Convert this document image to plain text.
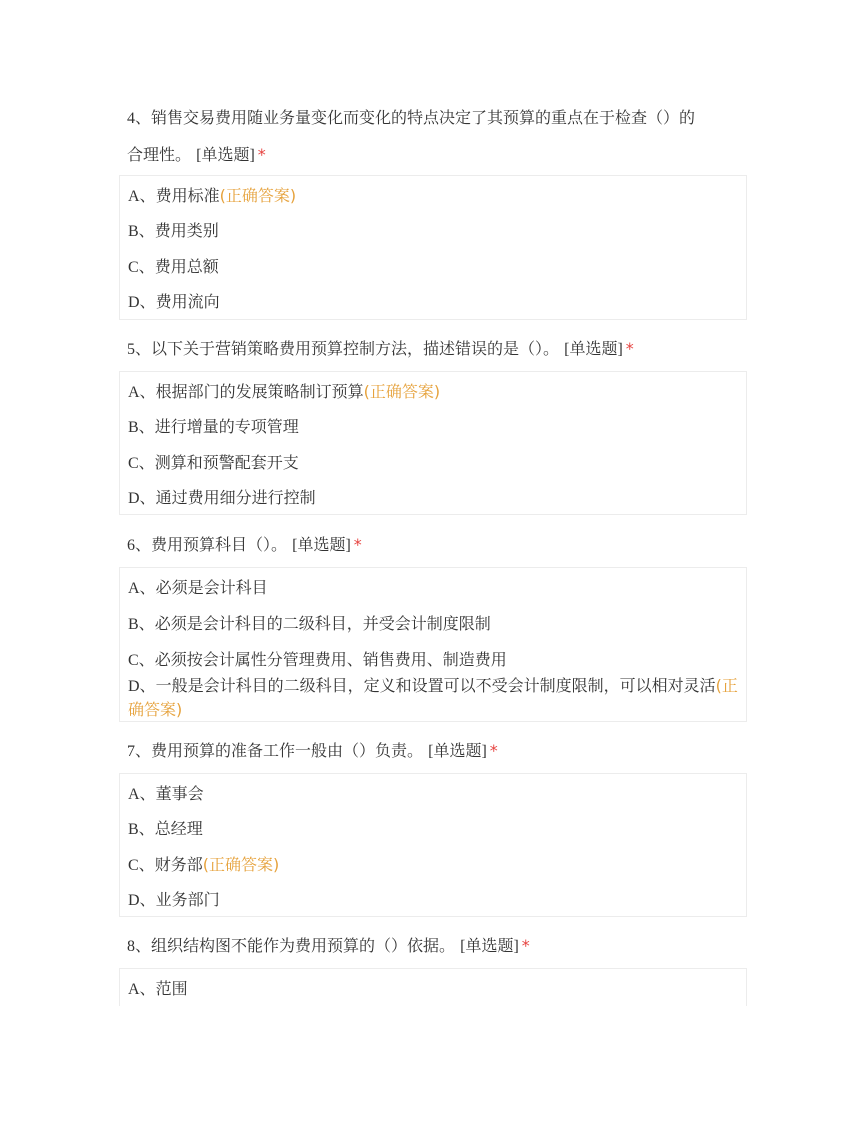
4、销售交易费用随业务量变化而变化的特点决定了其预算的重点在于检查（）的
合理性。 [单选题] *
A、费用标准(正确答案)
B、费用类别
C、费用总额
D、费用流向
5、以下关于营销策略费用预算控制方法，描述错误的是（）。 [单选题] *
A、根据部门的发展策略制订预算(正确答案)
B、进行增量的专项管理
C、测算和预警配套开支
D、通过费用细分进行控制
6、费用预算科目（）。 [单选题] *
A、必须是会计科目
B、必须是会计科目的二级科目，并受会计制度限制
C、必须按会计属性分管理费用、销售费用、制造费用
D、一般是会计科目的二级科目，定义和设置可以不受会计制度限制，可以相对灵活(正确答案)
7、费用预算的准备工作一般由（）负责。 [单选题] *
A、董事会
B、总经理
C、财务部(正确答案)
D、业务部门
8、组织结构图不能作为费用预算的（）依据。 [单选题] *
A、范围
